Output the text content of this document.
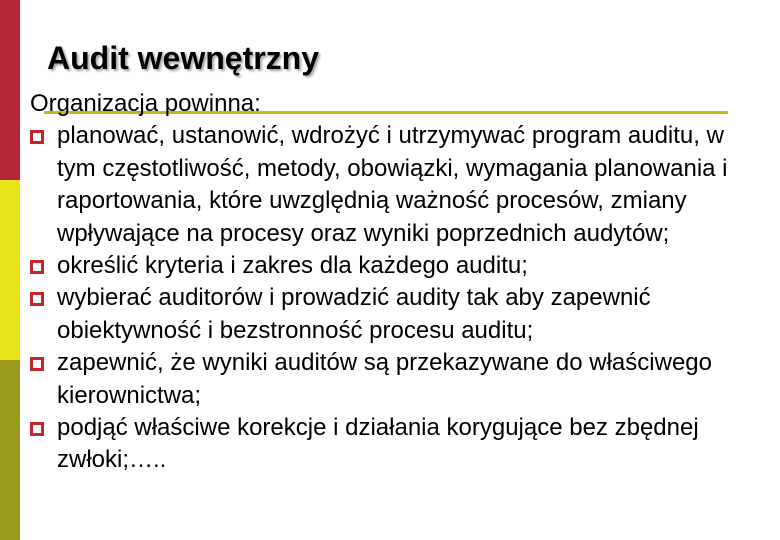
Audit wewnętrzny

Organizacja powinna:

planować, ustanowić, wdrożyć i utrzymywać program auditu, w tym częstotliwość, metody, obowiązki, wymagania planowania i raportowania, które uwzględnią ważność procesów, zmiany wpływające na procesy oraz wyniki poprzednich audytów;
określić kryteria i zakres dla każdego auditu;
wybierać auditorów i prowadzić audity tak aby zapewnić obiektywność i bezstronność procesu auditu;
zapewnić, że wyniki auditów są przekazywane do właściwego kierownictwa;
podjąć właściwe korekcje i działania korygujące bez zbędnej zwłoki;…..
